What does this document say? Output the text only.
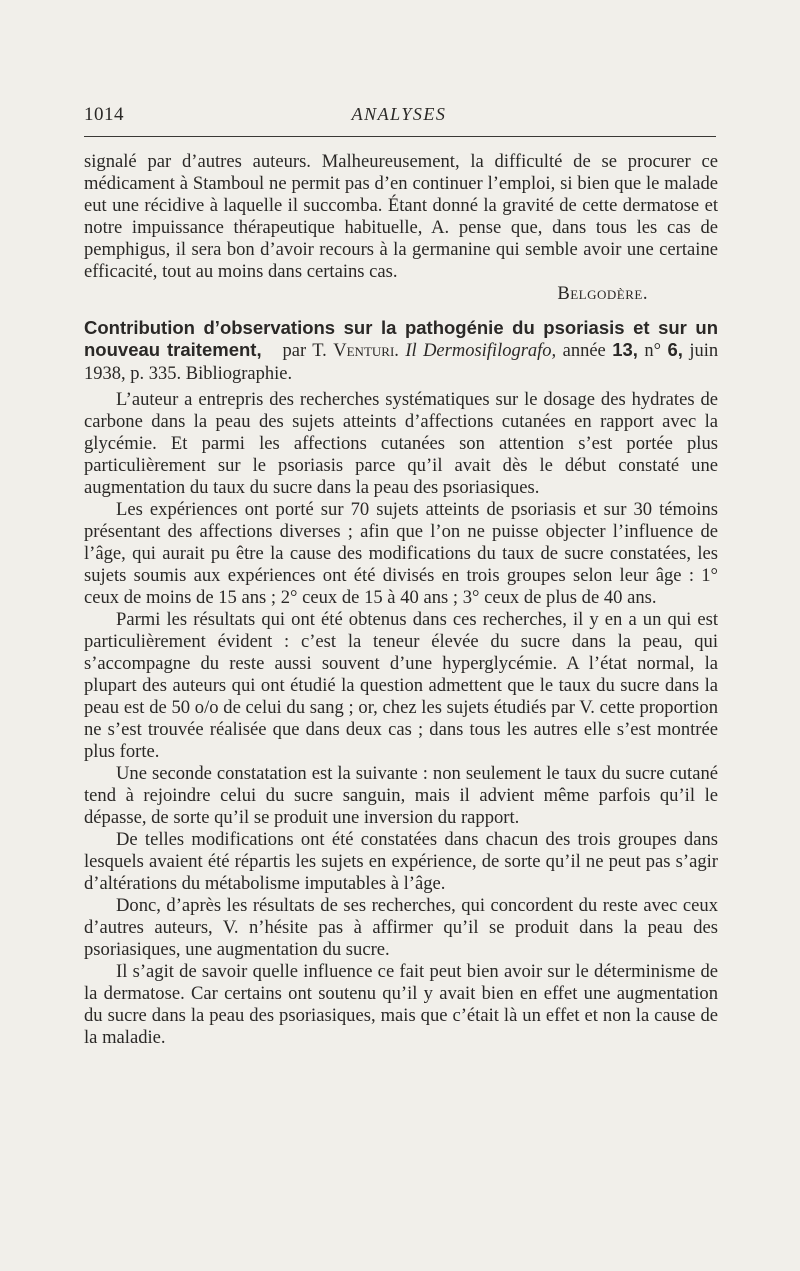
1014	ANALYSES

signalé par d’autres auteurs. Malheureusement, la difficulté de se procurer ce médicament à Stamboul ne permit pas d’en continuer l’emploi, si bien que le malade eut une récidive à laquelle il succomba. Étant donné la gravité de cette dermatose et notre impuissance thérapeutique habituelle, A. pense que, dans tous les cas de pemphigus, il sera bon d’avoir recours à la germanine qui semble avoir une certaine efficacité, tout au moins dans certains cas.

Belgodère.

Contribution d’observations sur la pathogénie du psoriasis et sur un nouveau traitement, par T. Venturi. Il Dermosifilografo, année 13, n° 6, juin 1938, p. 335. Bibliographie.

L’auteur a entrepris des recherches systématiques sur le dosage des hydrates de carbone dans la peau des sujets atteints d’affections cutanées en rapport avec la glycémie. Et parmi les affections cutanées son attention s’est portée plus particulièrement sur le psoriasis parce qu’il avait dès le début constaté une augmentation du taux du sucre dans la peau des psoriasiques.

Les expériences ont porté sur 70 sujets atteints de psoriasis et sur 30 témoins présentant des affections diverses ; afin que l’on ne puisse objecter l’influence de l’âge, qui aurait pu être la cause des modifications du taux de sucre constatées, les sujets soumis aux expériences ont été divisés en trois groupes selon leur âge : 1° ceux de moins de 15 ans ; 2° ceux de 15 à 40 ans ; 3° ceux de plus de 40 ans.

Parmi les résultats qui ont été obtenus dans ces recherches, il y en a un qui est particulièrement évident : c’est la teneur élevée du sucre dans la peau, qui s’accompagne du reste aussi souvent d’une hyperglycémie. A l’état normal, la plupart des auteurs qui ont étudié la question admettent que le taux du sucre dans la peau est de 50 o/o de celui du sang ; or, chez les sujets étudiés par V. cette proportion ne s’est trouvée réalisée que dans deux cas ; dans tous les autres elle s’est montrée plus forte.

Une seconde constatation est la suivante : non seulement le taux du sucre cutané tend à rejoindre celui du sucre sanguin, mais il advient même parfois qu’il le dépasse, de sorte qu’il se produit une inversion du rapport.

De telles modifications ont été constatées dans chacun des trois groupes dans lesquels avaient été répartis les sujets en expérience, de sorte qu’il ne peut pas s’agir d’altérations du métabolisme imputables à l’âge.

Donc, d’après les résultats de ses recherches, qui concordent du reste avec ceux d’autres auteurs, V. n’hésite pas à affirmer qu’il se produit dans la peau des psoriasiques, une augmentation du sucre.

Il s’agit de savoir quelle influence ce fait peut bien avoir sur le déterminisme de la dermatose. Car certains ont soutenu qu’il y avait bien en effet une augmentation du sucre dans la peau des psoriasiques, mais que c’était là un effet et non la cause de la maladie.
